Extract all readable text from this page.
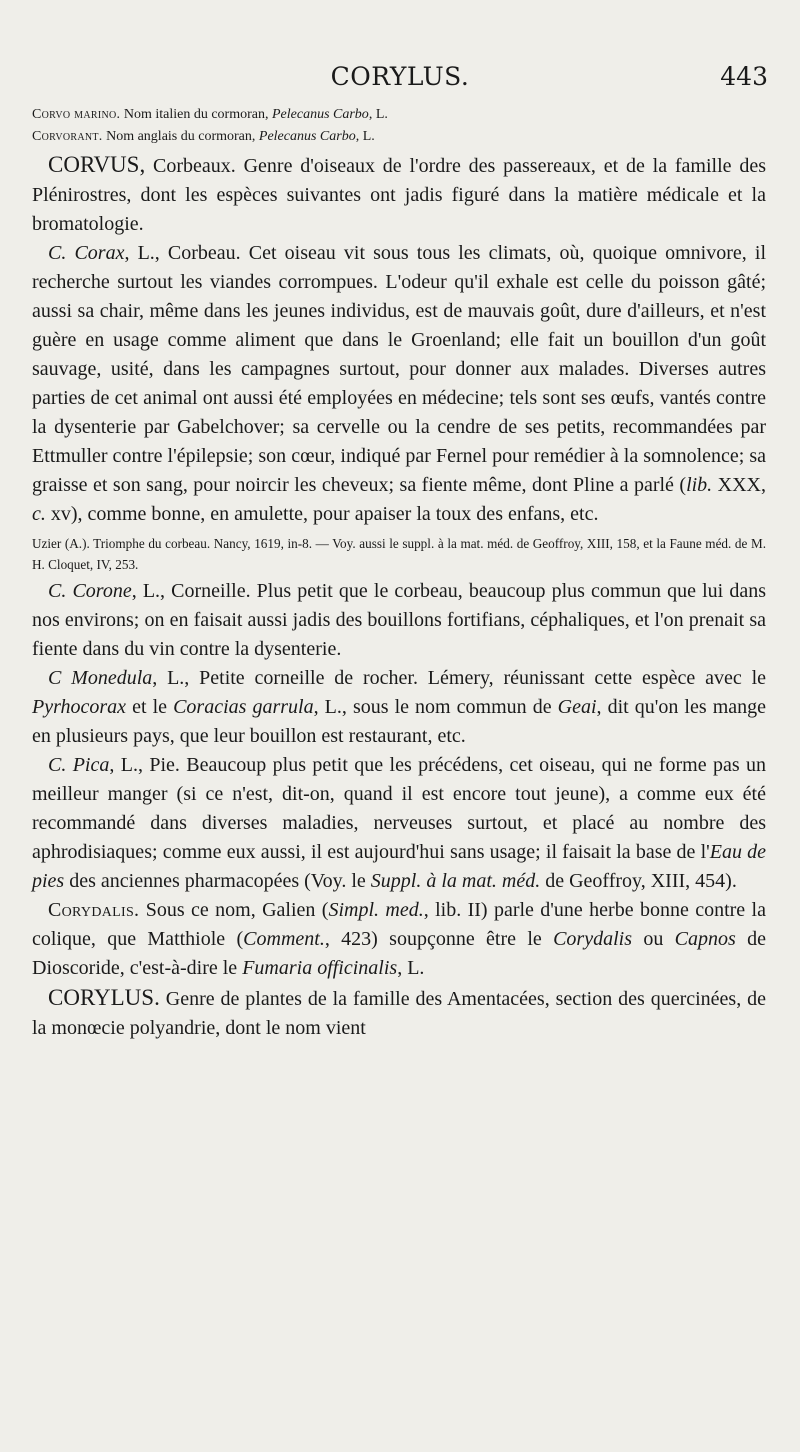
CORYLUS.	443
Corvo marino. Nom italien du cormoran, Pelecanus Carbo, L.
Corvorant. Nom anglais du cormoran, Pelecanus Carbo, L.

CORVUS, Corbeaux. Genre d'oiseaux de l'ordre des passereaux, et de la famille des Plénirostres, dont les espèces suivantes ont jadis figuré dans la matière médicale et la bromatologie.

C. Corax, L., Corbeau. Cet oiseau vit sous tous les climats, où, quoique omnivore, il recherche surtout les viandes corrompues. L'odeur qu'il exhale est celle du poisson gâté; aussi sa chair, même dans les jeunes individus, est de mauvais goût, dure d'ailleurs, et n'est guère en usage comme aliment que dans le Groenland; elle fait un bouillon d'un goût sauvage, usité, dans les campagnes surtout, pour donner aux malades. Diverses autres parties de cet animal ont aussi été employées en médecine; tels sont ses œufs, vantés contre la dysenterie par Gabelchover; sa cervelle ou la cendre de ses petits, recommandées par Ettmuller contre l'épilepsie; son cœur, indiqué par Fernel pour remédier à la somnolence; sa graisse et son sang, pour noircir les cheveux; sa fiente même, dont Pline a parlé (lib. XXX, c. xv), comme bonne, en amulette, pour apaiser la toux des enfans, etc.

Uzier (A.). Triomphe du corbeau. Nancy, 1619, in-8. — Voy. aussi le suppl. à la mat. méd. de Geoffroy, XIII, 158, et la Faune méd. de M. H. Cloquet, IV, 253.

C. Corone, L., Corneille. Plus petit que le corbeau, beaucoup plus commun que lui dans nos environs; on en faisait aussi jadis des bouillons fortifians, céphaliques, et l'on prenait sa fiente dans du vin contre la dysenterie.

C Monedula, L., Petite corneille de rocher. Lémery, réunissant cette espèce avec le Pyrhocorax et le Coracias garrula, L., sous le nom commun de Geai, dit qu'on les mange en plusieurs pays, que leur bouillon est restaurant, etc.

C. Pica, L., Pie. Beaucoup plus petit que les précédens, cet oiseau, qui ne forme pas un meilleur manger (si ce n'est, dit-on, quand il est encore tout jeune), a comme eux été recommandé dans diverses maladies, nerveuses surtout, et placé au nombre des aphrodisiaques; comme eux aussi, il est aujourd'hui sans usage; il faisait la base de l'Eau de pies des anciennes pharmacopées (Voy. le Suppl. à la mat. méd. de Geoffroy, XIII, 454).

Corydalis. Sous ce nom, Galien (Simpl. med., lib. II) parle d'une herbe bonne contre la colique, que Matthiole (Comment., 423) soupçonne être le Corydalis ou Capnos de Dioscoride, c'est-à-dire le Fumaria officinalis, L.

CORYLUS. Genre de plantes de la famille des Amentacées, section des quercinées, de la monœcie polyandrie, dont le nom vient
